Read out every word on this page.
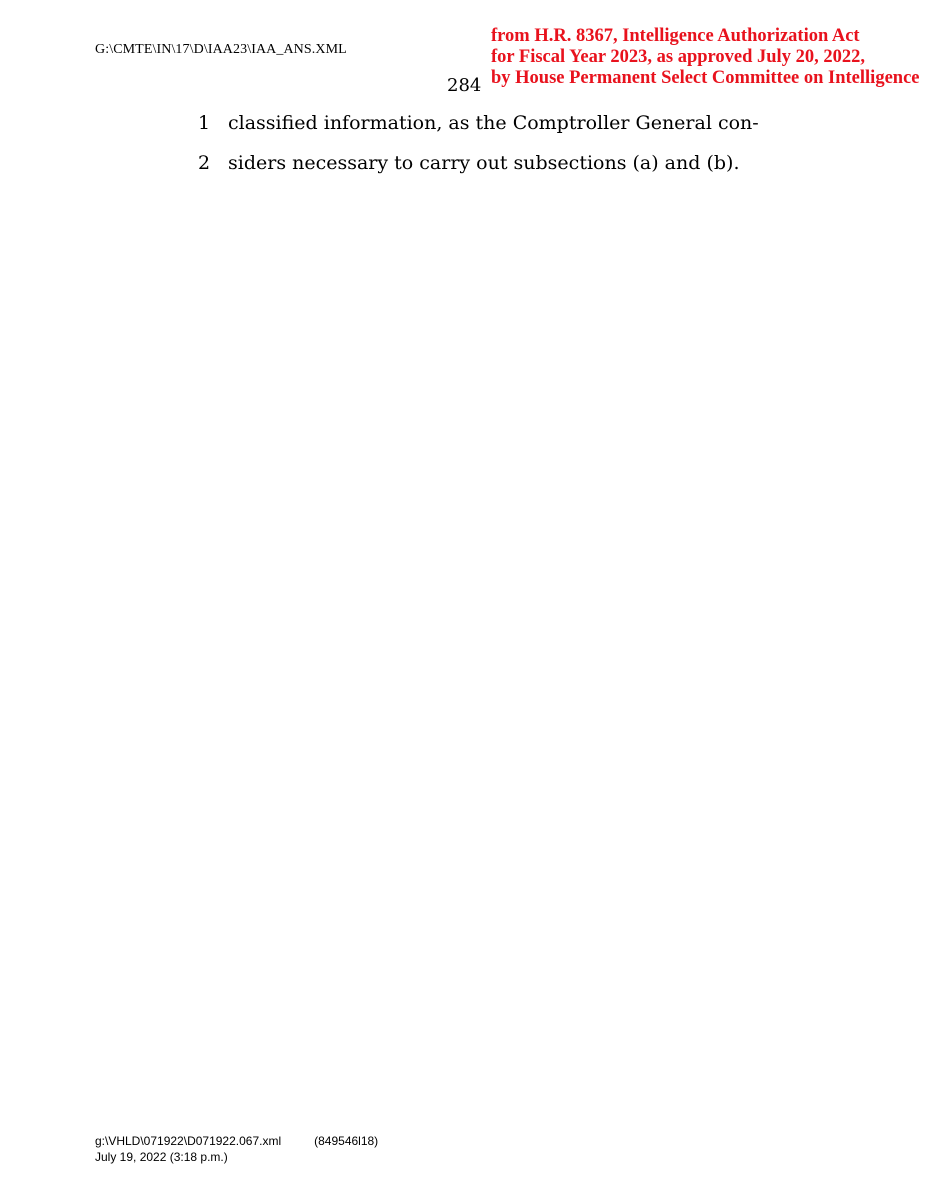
G:\CMTE\IN\17\D\IAA23\IAA_ANS.XML
from H.R. 8367, Intelligence Authorization Act
for Fiscal Year 2023, as approved July 20, 2022,
by House Permanent Select Committee on Intelligence
284
1 classified information, as the Comptroller General con-
2 siders necessary to carry out subsections (a) and (b).
g:\VHLD\071922\D071922.067.xml	(849546l18)
July 19, 2022 (3:18 p.m.)
